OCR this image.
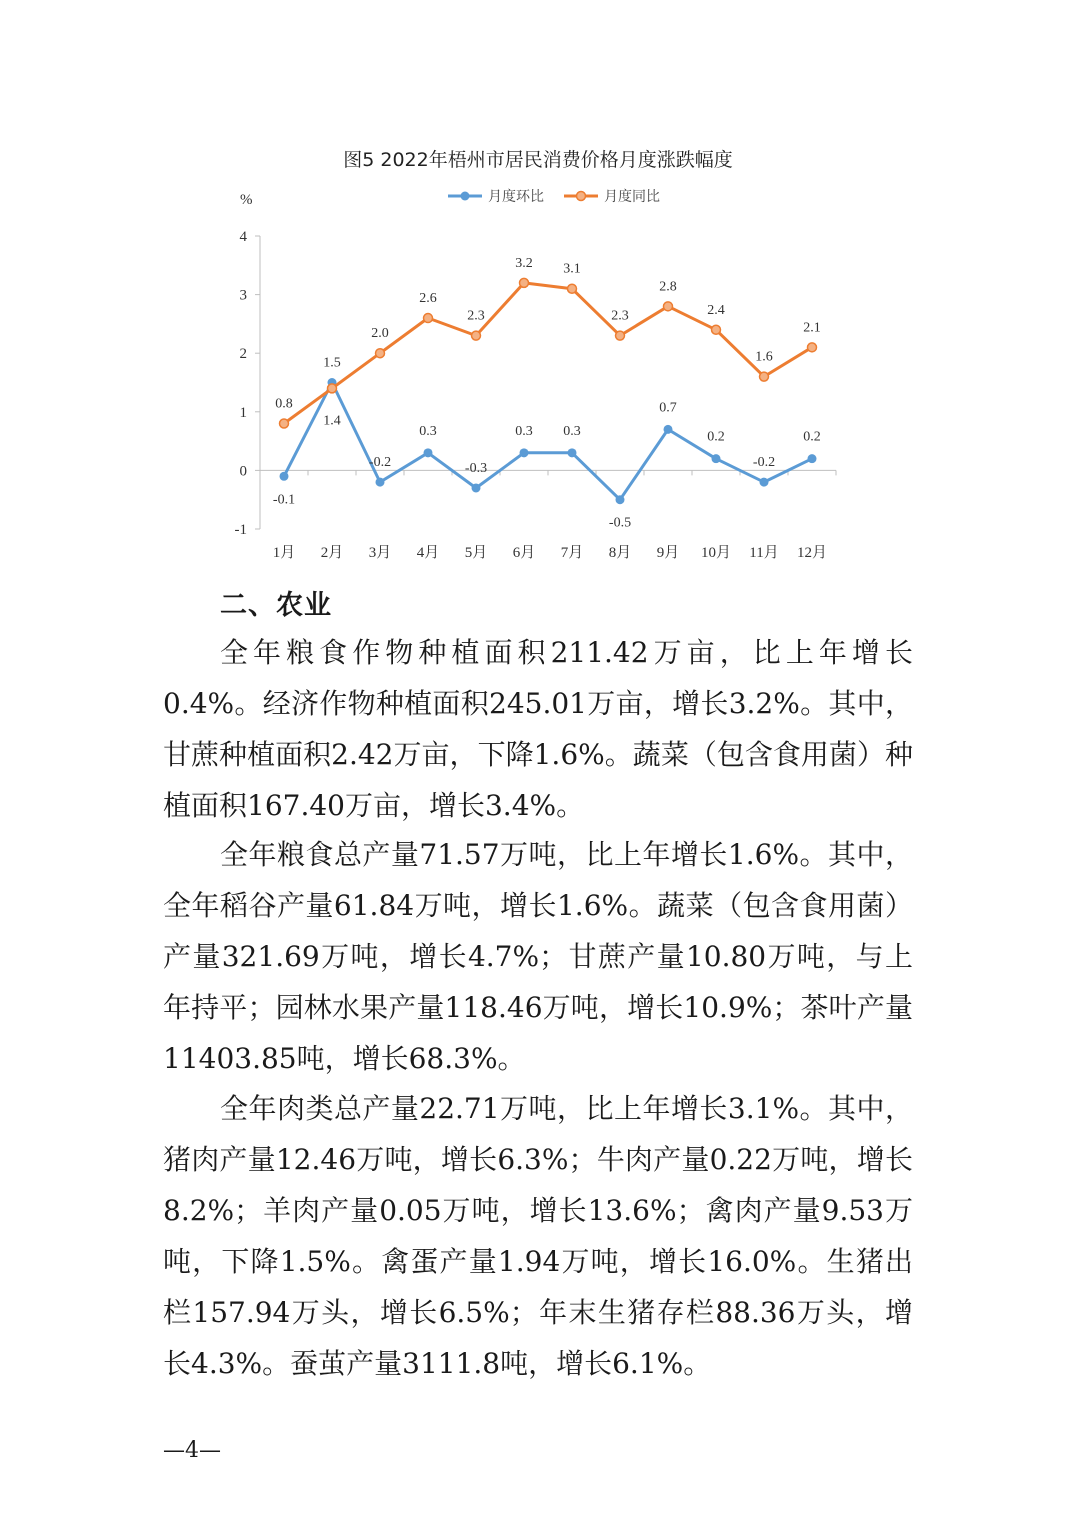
图5 2022年梧州市居民消费价格月度涨跌幅度
%	月度环比	月度同比
4
3
2
1
0
-1
1月 2月 3月 4月 5月 6月 7月 8月 9月 10月 11月 12月
-0.1
1.5
-0.2
0.3
-0.3
0.3 0.3
-0.5
0.7
0.2
-0.2
0.2
0.8
1.4
2.0
2.6
2.3
3.2 3.1
2.3
2.8
2.4
1.6
2.1
二、农业

全年粮食作物种植面积211.42万亩，比上年增长0.4%。经济作物种植面积245.01万亩，增长3.2%。其中，甘蔗种植面积2.42万亩，下降1.6%。蔬菜（包含食用菌）种植面积167.40万亩，增长3.4%。

全年粮食总产量71.57万吨，比上年增长1.6%。其中，全年稻谷产量61.84万吨，增长1.6%。蔬菜（包含食用菌）产量321.69万吨，增长4.7%；甘蔗产量10.80万吨，与上年持平；园林水果产量118.46万吨，增长10.9%；茶叶产量11403.85吨，增长68.3%。

全年肉类总产量22.71万吨，比上年增长3.1%。其中，猪肉产量12.46万吨，增长6.3%；牛肉产量0.22万吨，增长8.2%；羊肉产量0.05万吨，增长13.6%；禽肉产量9.53万吨，下降1.5%。禽蛋产量1.94万吨，增长16.0%。生猪出栏157.94万头，增长6.5%；年末生猪存栏88.36万头，增长4.3%。蚕茧产量3111.8吨，增长6.1%。

—4—
